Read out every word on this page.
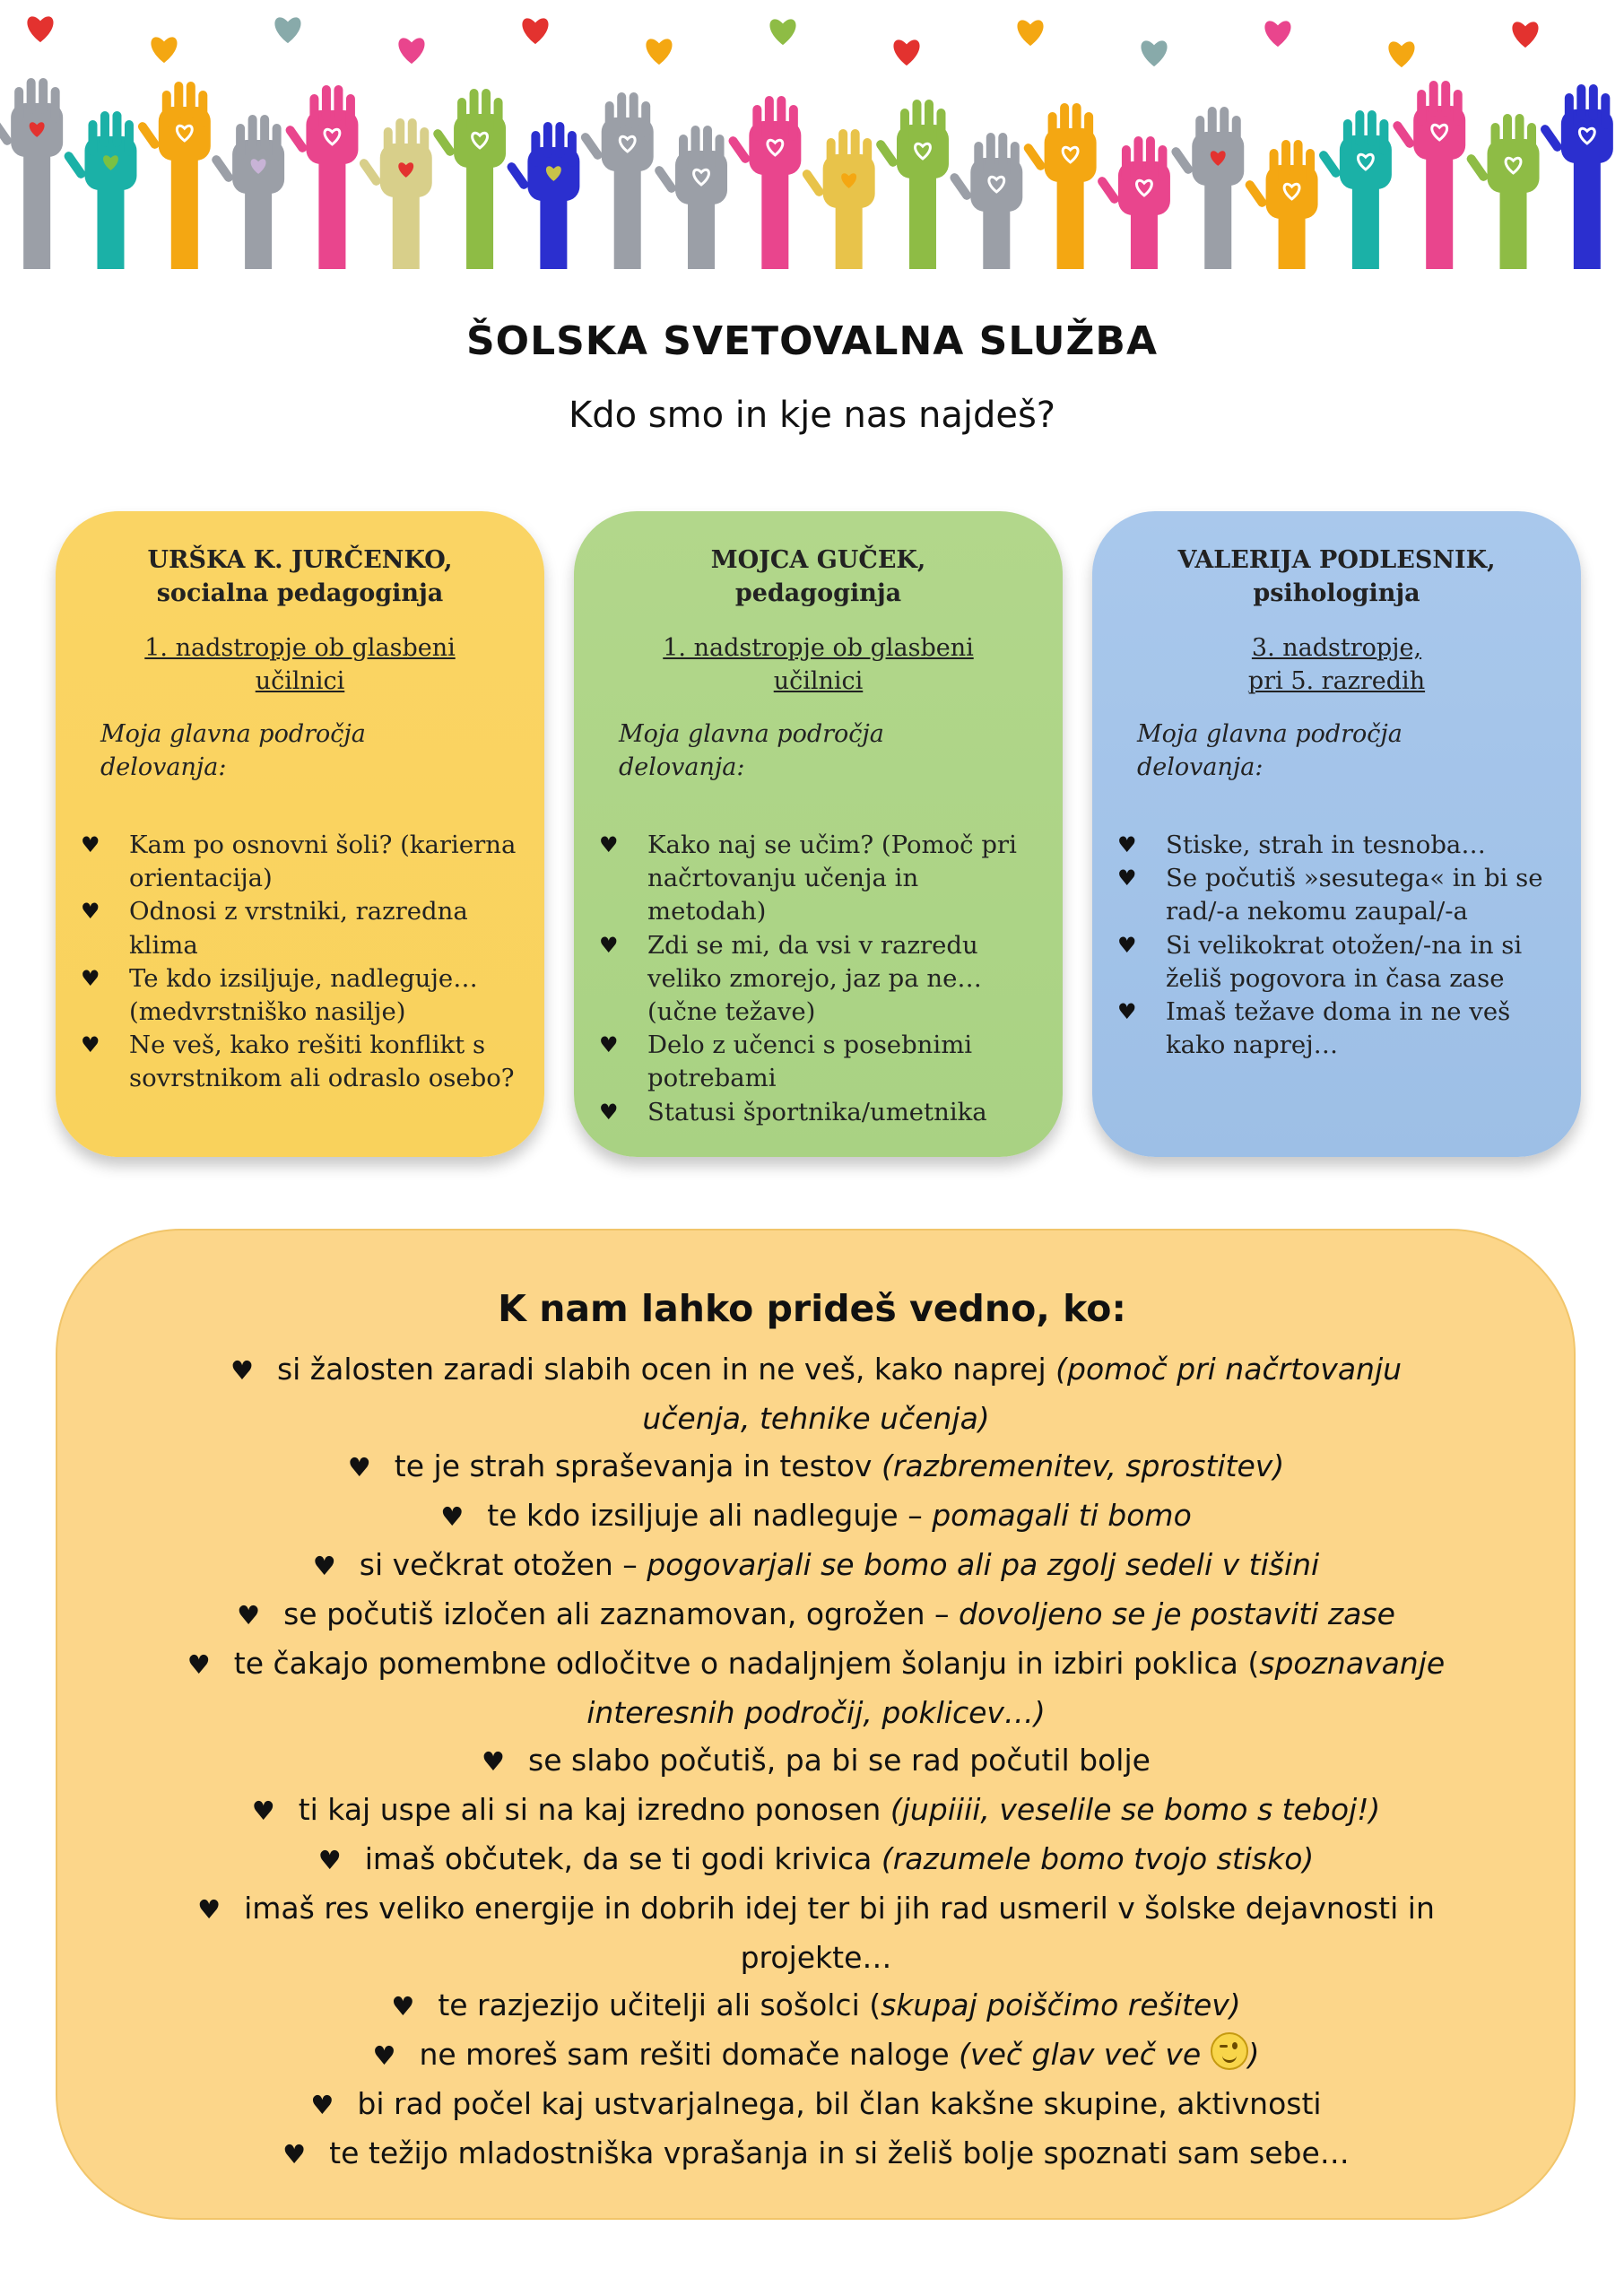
ŠOLSKA SVETOVALNA SLUŽBA
Kdo smo in kje nas najdeš?
URŠKA K. JURČENKO,
socialna pedagoginja
1. nadstropje ob glasbeni
učilnici
Moja glavna področja
delovanja:
♥ Kam po osnovni šoli? (karierna orientacija)
♥ Odnosi z vrstniki, razredna klima
♥ Te kdo izsiljuje, nadleguje… (medvrstniško nasilje)
♥ Ne veš, kako rešiti konflikt s sovrstnikom ali odraslo osebo?
MOJCA GUČEK,
pedagoginja
1. nadstropje ob glasbeni
učilnici
Moja glavna področja
delovanja:
♥ Kako naj se učim? (Pomoč pri načrtovanju učenja in metodah)
♥ Zdi se mi, da vsi v razredu veliko zmorejo, jaz pa ne… (učne težave)
♥ Delo z učenci s posebnimi potrebami
♥ Statusi športnika/umetnika
VALERIJA PODLESNIK,
psihologinja
3. nadstropje,
pri 5. razredih
Moja glavna področja
delovanja:
♥ Stiske, strah in tesnoba…
♥ Se počutiš »sesutega« in bi se rad/-a nekomu zaupal/-a
♥ Si velikokrat otožen/-na in si želiš pogovora in časa zase
♥ Imaš težave doma in ne veš kako naprej…
K nam lahko prideš vedno, ko:
♥ si žalosten zaradi slabih ocen in ne veš, kako naprej (pomoč pri načrtovanju učenja, tehnike učenja)
♥ te je strah spraševanja in testov (razbremenitev, sprostitev)
♥ te kdo izsiljuje ali nadleguje – pomagali ti bomo
♥ si večkrat otožen – pogovarjali se bomo ali pa zgolj sedeli v tišini
♥ se počutiš izločen ali zaznamovan, ogrožen – dovoljeno se je postaviti zase
♥ te čakajo pomembne odločitve o nadaljnjem šolanju in izbiri poklica (spoznavanje interesnih področij, poklicev…)
♥ se slabo počutiš, pa bi se rad počutil bolje
♥ ti kaj uspe ali si na kaj izredno ponosen (jupiiii, veselile se bomo s teboj!)
♥ imaš občutek, da se ti godi krivica (razumele bomo tvojo stisko)
♥ imaš res veliko energije in dobrih idej ter bi jih rad usmeril v šolske dejavnosti in projekte…
♥ te razjezijo učitelji ali sošolci (skupaj poiščimo rešitev)
♥ ne moreš sam rešiti domače naloge (več glav več ve
)
♥ bi rad počel kaj ustvarjalnega, bil član kakšne skupine, aktivnosti
♥ te težijo mladostniška vprašanja in si želiš bolje spoznati sam sebe…
